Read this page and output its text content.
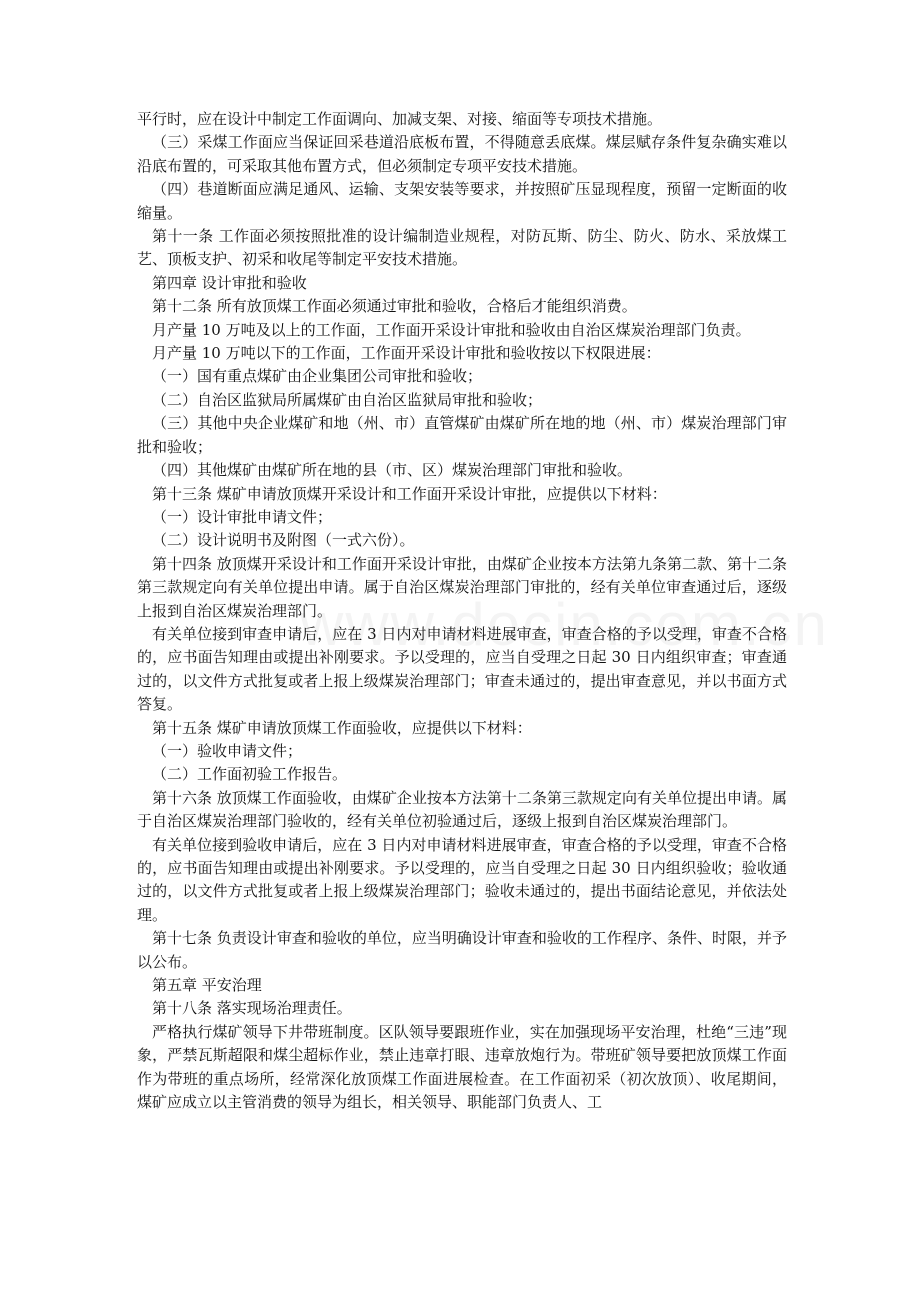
平行时，应在设计中制定工作面调向、加减支架、对接、缩面等专项技术措施。

（三）采煤工作面应当保证回采巷道沿底板布置，不得随意丢底煤。煤层赋存条件复杂确实难以沿底布置的，可采取其他布置方式，但必须制定专项平安技术措施。

（四）巷道断面应满足通风、运输、支架安装等要求，并按照矿压显现程度，预留一定断面的收缩量。

第十一条 工作面必须按照批准的设计编制造业规程，对防瓦斯、防尘、防火、防水、采放煤工艺、顶板支护、初采和收尾等制定平安技术措施。

第四章 设计审批和验收

第十二条 所有放顶煤工作面必须通过审批和验收，合格后才能组织消费。

月产量 10 万吨及以上的工作面，工作面开采设计审批和验收由自治区煤炭治理部门负责。

月产量 10 万吨以下的工作面，工作面开采设计审批和验收按以下权限进展：

（一）国有重点煤矿由企业集团公司审批和验收；

（二）自治区监狱局所属煤矿由自治区监狱局审批和验收；

（三）其他中央企业煤矿和地（州、市）直管煤矿由煤矿所在地的地（州、市）煤炭治理部门审批和验收；

（四）其他煤矿由煤矿所在地的县（市、区）煤炭治理部门审批和验收。

第十三条 煤矿申请放顶煤开采设计和工作面开采设计审批，应提供以下材料：

（一）设计审批申请文件；

（二）设计说明书及附图（一式六份）。

第十四条 放顶煤开采设计和工作面开采设计审批，由煤矿企业按本方法第九条第二款、第十二条第三款规定向有关单位提出申请。属于自治区煤炭治理部门审批的，经有关单位审查通过后，逐级上报到自治区煤炭治理部门。

有关单位接到审查申请后，应在 3 日内对申请材料进展审查，审查合格的予以受理，审查不合格的，应书面告知理由或提出补刚要求。予以受理的，应当自受理之日起 30 日内组织审查；审查通过的，以文件方式批复或者上报上级煤炭治理部门；审查未通过的，提出审查意见，并以书面方式答复。

第十五条 煤矿申请放顶煤工作面验收，应提供以下材料：

（一）验收申请文件；

（二）工作面初验工作报告。

第十六条 放顶煤工作面验收，由煤矿企业按本方法第十二条第三款规定向有关单位提出申请。属于自治区煤炭治理部门验收的，经有关单位初验通过后，逐级上报到自治区煤炭治理部门。

有关单位接到验收申请后，应在 3 日内对申请材料进展审查，审查合格的予以受理，审查不合格的，应书面告知理由或提出补刚要求。予以受理的，应当自受理之日起 30 日内组织验收；验收通过的，以文件方式批复或者上报上级煤炭治理部门；验收未通过的，提出书面结论意见，并依法处理。

第十七条 负责设计审查和验收的单位，应当明确设计审查和验收的工作程序、条件、时限，并予以公布。

第五章 平安治理

第十八条 落实现场治理责任。

严格执行煤矿领导下井带班制度。区队领导要跟班作业，实在加强现场平安治理，杜绝“三违”现象，严禁瓦斯超限和煤尘超标作业，禁止违章打眼、违章放炮行为。带班矿领导要把放顶煤工作面作为带班的重点场所，经常深化放顶煤工作面进展检查。在工作面初采（初次放顶）、收尾期间，煤矿应成立以主管消费的领导为组长，相关领导、职能部门负责人、工
